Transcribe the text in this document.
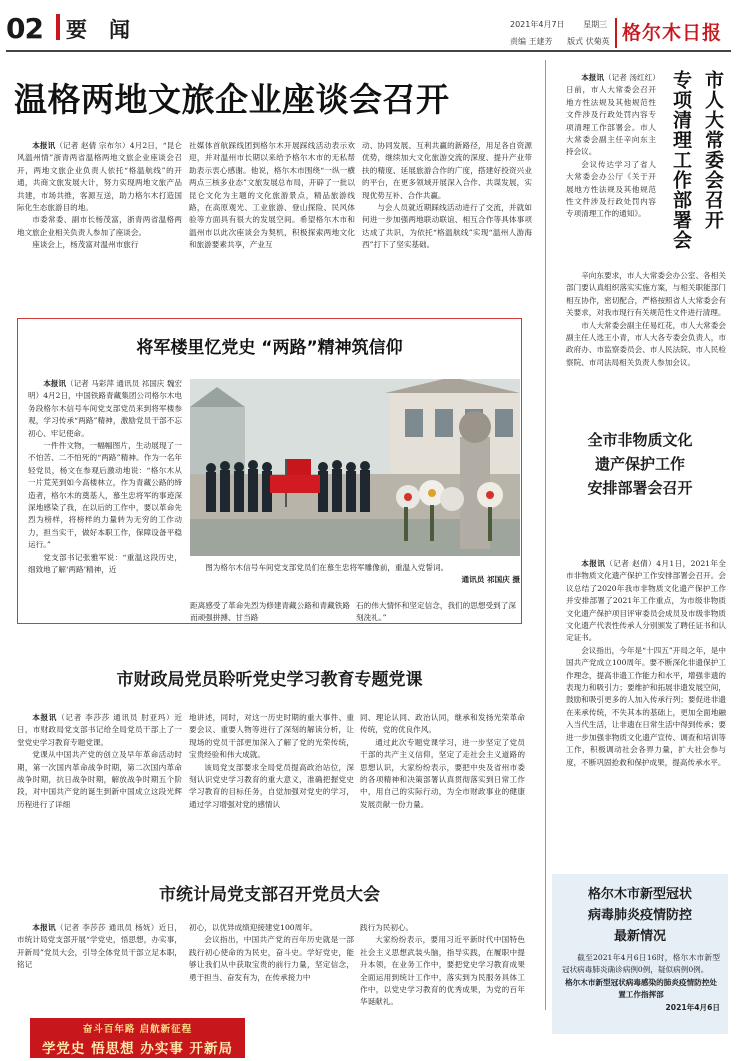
02 要闻	2021年4月7日 星期三
责编 王建芳 版式 伏菊英 格尔木日报
温格两地文旅企业座谈会召开

本报讯（记者 赵倩 宗布尔）4月2日，“昆仑风温州情”浙青两省温格两地文旅企业座谈会召开，两地文旅企业负责人依托“格温航线”的开通，共商文旅发展大计，努力实现两地文旅产品共建，市场共推，客源互送，助力格尔木打造国际化生态旅游目的地。

市委常委、副市长杨茂富，浙青两省温格两地文旅企业相关负责人参加了座谈会。

座谈会上，杨茂富对温州市旅行

社媒体首航踩线团到格尔木开展踩线活动表示欢迎，并对温州市长期以来给予格尔木市的无私帮助表示衷心感谢。他说，格尔木市围绕“一纵一横两点三核多业态”文旅发展总布局，开辟了一批以昆仑文化为主题的文化旅游景点，精品旅游线路，在高原观光、工业旅游、登山探险、民风体验等方面具有很大的发展空间。希望格尔木市和温州市以此次座谈会为契机，积极探索两地文化和旅游要素共享，产业互

动、协同发展、互利共赢的新路径，用足各自资源优势，继续加大文化旅游交流的深度、提升产业带扶的精度、延展旅游合作的广度，搭建好投资兴业的平台，在更多领域开展深入合作、共谋发展，实现优势互补、合作共赢。

与会人员就近期踩线活动进行了交流，并就如何进一步加强两地联动联谊、相互合作等具体事项达成了共识，为依托“格温航线”实现“温州人游海西”打下了坚实基础。

将军楼里忆党史 “两路”精神筑信仰

本报讯（记者 马彩萍 通讯员 祁国庆 魏宏明）4月2日，中国铁路青藏集团公司格尔木电务段格尔木信号车间党支部党员来到将军楼参观，学习传承“两路”精神，激励党员干部不忘初心、牢记使命。

一件件文物，一幅幅图片，生动展现了一不怕苦、二不怕死的“两路”精神。作为一名年轻党员，杨文在参观后激动地说：“格尔木从一片荒芜到如今高楼林立，作为青藏公路的缔造者，格尔木的奠基人，慕生忠将军的事迹深深地感染了我，在以后的工作中，要以革命先烈为榜样，将榜样的力量转为无穷的工作动力，担当实干，做好本职工作，保障设备平稳运行。”

党支部书记张雅军说：“重温这段历史，细致地了解‘两路’精神，近	图为格尔木信号车间党支部党员们在慕生忠将军雕像前，重温入党誓词。
通讯员 祁国庆 摄

距离感受了革命先烈为修建青藏公路和青藏铁路而顽强拼搏、甘当路

石的伟大情怀和坚定信念，我们的思想受到了深刻洗礼。”

市财政局党员聆听党史学习教育专题党课

本报讯（记者 李莎莎 通讯员 肘亚玛）近日，市财政局党支部书记给全局党员干部上了一堂党史学习教育专题党课。

党课从中国共产党的创立及早年革命活动时期，第一次国内革命战争时期，第二次国内革命战争时期，抗日战争时期，解放战争时期五个阶段，对中国共产党的诞生到新中国成立这段光辉历程进行了详细

地讲述，同时，对这一历史时期的重大事件、重要会议、重要人物等进行了深刻的解读分析，让现场的党员干部更加深入了解了党的光荣传统，宝贵经验和伟大成就。

该局党支部要求全局党员提高政治站位，深刻认识党史学习教育的重大意义，准确把握党史学习教育的目标任务，自觉加强对党史的学习，通过学习增强对党的感情认

同、理论认同、政治认同，继承和发扬光荣革命传统，党的优良作风。

通过此次专题党课学习，进一步坚定了党员干部的共产主义信仰，坚定了走社会主义道路的思想认识，大家纷纷表示，要把中央及省州市委的各项精神和决策部署认真贯彻落实到日常工作中，用自己的实际行动，为全市财政事业的健康发展贡献一份力量。

市统计局党支部召开党员大会

本报讯（记者 李莎莎 通讯员 杨妩）近日，市统计局党支部开展“学党史，悟思想，办实事，开新局”党员大会，引导全体党员干部立足本职，铭记

初心，以优异成绩迎接建党100周年。

会议指出，中国共产党的百年历史就是一部践行初心使命的为民史，奋斗史。学好党史，能够让我们从中获取宝贵的前行力量，坚定信念，勇于担当、奋发有为，在传承接力中

践行为民初心。

大家纷纷表示，要用习近平新时代中国特色社会主义思想武装头脑，指导实践，在履职中提升本领，在业务工作中，要把党史学习教育成果全面运用到统计工作中，落实到为民服务具体工作中，以党史学习教育的优秀成果，为党的百年华诞献礼。

奋斗百年路 启航新征程
学党史 悟思想 办实事 开新局
市人大常委会召开
专项清理工作部署会

本报讯（记者 汤红红）日前，市人大常委会召开地方性法规及其他规范性文件涉及行政处罚内容专项清理工作部署会。市人大常委会副主任辛向东主持会议。

会议传达学习了省人大常委会办公厅《关于开展地方性法规及其他规范性文件涉及行政处罚内容专项清理工作的通知》。

辛向东要求，市人大常委会办公室、各相关部门要认真组织落实实施方案，与相关职能部门相互协作，密切配合，严格按照省人大常委会有关要求，对我市现行有关规范性文件进行清理。

市人大常委会副主任易红花，市人大常委会副主任人选王小青，市人大各专委会负责人，市政府办、市监察委员会、市人民法院、市人民检察院、市司法局相关负责人参加会议。

全市非物质文化
遗产保护工作
安排部署会召开

本报讯（记者 赵倩）4月1日，2021年全市非物质文化遗产保护工作安排部署会召开。会议总结了2020年我市非物质文化遗产保护工作并安排部署了2021年工作重点，为市级非物质文化遗产保护项目评审委员会成员及市级非物质文化遗产代表性传承人分别颁发了聘任证书和认定证书。

会议指出，今年是“十四五”开局之年，是中国共产党成立100周年。要不断深化非遗保护工作理念，提高非遗工作能力和水平，增强非遗的表现力和吸引力；要维护和拓展非遗发展空间，鼓励和吸引更多的人加入传承行列；要促进非遗在来承传统，不失其本的基础上，更加全面地融入当代生活，让非遗在日常生活中得到传承；要进一步加强非物质文化遗产宣传、调查和培训等工作，积极调动社会各界力量，扩大社会参与度，不断巩固抢救和保护成果，提高传承水平。

格尔木市新型冠状
病毒肺炎疫情防控
最新情况

截至2021年4月6日16时，格尔木市新型冠状病毒肺炎确诊病例0例，疑似病例0例。

格尔木市新型冠状病毒感染的肺炎疫情防控处置工作指挥部

2021年4月6日
